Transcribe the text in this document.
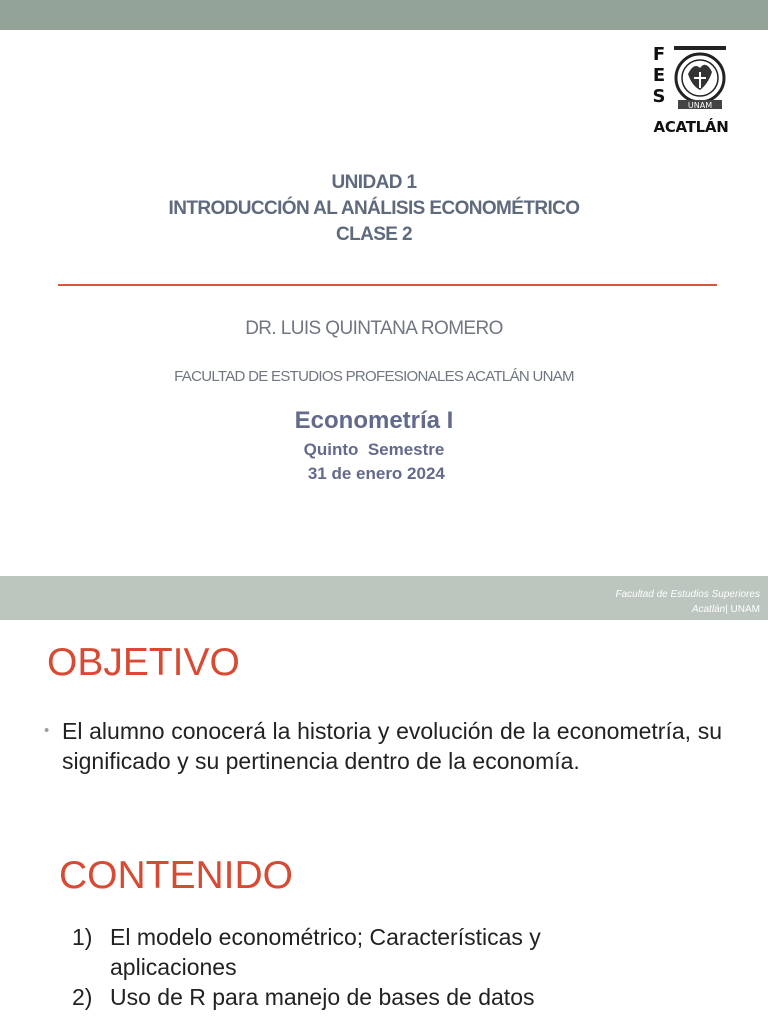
F
E
S	UNAM
ACATLÁN
UNIDAD 1
INTRODUCCIÓN AL ANÁLISIS ECONOMÉTRICO
CLASE 2
DR. LUIS QUINTANA ROMERO
FACULTAD DE ESTUDIOS PROFESIONALES ACATLÁN UNAM
Econometría I
Quinto  Semestre
31 de enero 2024
Facultad de Estudios Superiores
Acatlán| UNAM
OBJETIVO
• El alumno conocerá la historia y evolución de la econometría, su significado y su pertinencia dentro de la economía.
CONTENIDO
1) El modelo econométrico; Características y aplicaciones
2) Uso de R para manejo de bases de datos
